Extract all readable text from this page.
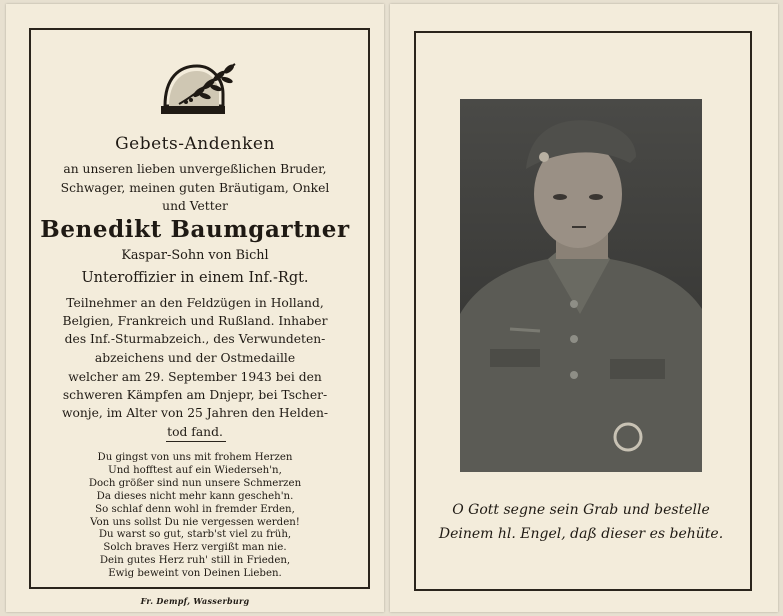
Gebets-Andenken
an unseren lieben unvergeßlichen Bruder,
Schwager, meinen guten Bräutigam, Onkel
und Vetter
Benedikt Baumgartner
Kaspar-Sohn von Bichl
Unteroffizier in einem Inf.-Rgt.
Teilnehmer an den Feldzügen in Holland,
Belgien, Frankreich und Rußland. Inhaber
des Inf.-Sturmabzeich., des Verwundeten-
abzeichens und der Ostmedaille
welcher am 29. September 1943 bei den
schweren Kämpfen am Dnjepr, bei Tscher-
wonje, im Alter von 25 Jahren den Helden-
tod fand.
Du gingst von uns mit frohem Herzen
Und hofftest auf ein Wiederseh'n,
Doch größer sind nun unsere Schmerzen
Da dieses nicht mehr kann gescheh'n.
So schlaf denn wohl in fremder Erden,
Von uns sollst Du nie vergessen werden!
Du warst so gut, starb'st viel zu früh,
Solch braves Herz vergißt man nie.
Dein gutes Herz ruh' still in Frieden,
Ewig beweint von Deinen Lieben.
Fr. Dempf, Wasserburg
O Gott segne sein Grab und bestelle
Deinem hl. Engel, daß dieser es behüte.
